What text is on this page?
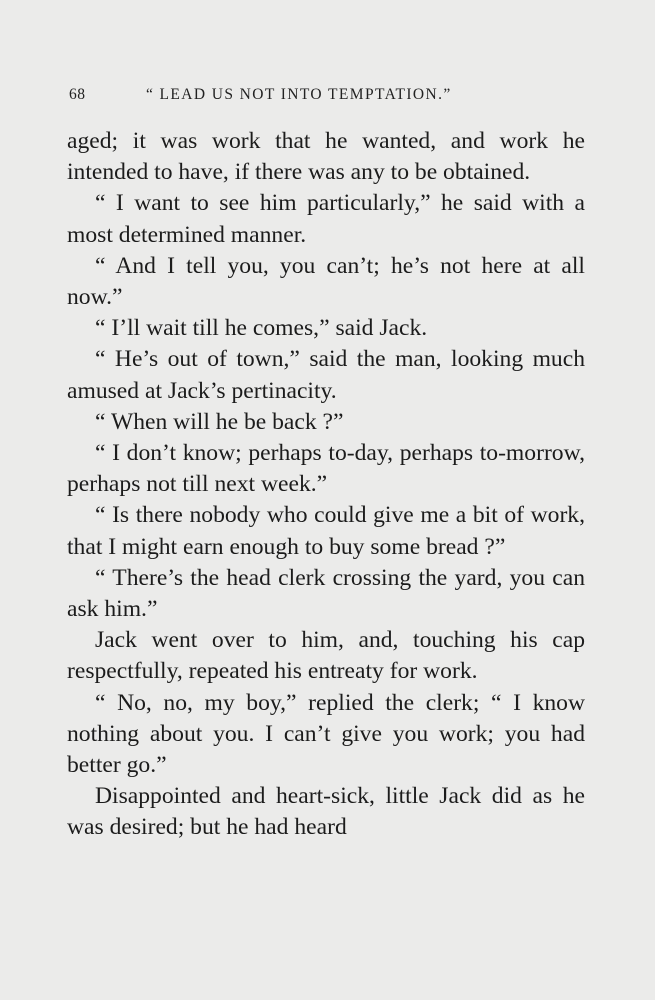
68	“ LEAD US NOT INTO TEMPTATION.”

aged; it was work that he wanted, and work he intended to have, if there was any to be obtained.

“ I want to see him particularly,” he said with a most determined manner.

“ And I tell you, you can’t; he’s not here at all now.”

“ I’ll wait till he comes,” said Jack.

“ He’s out of town,” said the man, looking much amused at Jack’s pertinacity.

“ When will he be back ?”

“ I don’t know; perhaps to-day, perhaps to-morrow, perhaps not till next week.”

“ Is there nobody who could give me a bit of work, that I might earn enough to buy some bread ?”

“ There’s the head clerk crossing the yard, you can ask him.”

Jack went over to him, and, touching his cap respectfully, repeated his entreaty for work.

“ No, no, my boy,” replied the clerk; “ I know nothing about you. I can’t give you work; you had better go.”

Disappointed and heart-sick, little Jack did as he was desired; but he had heard
